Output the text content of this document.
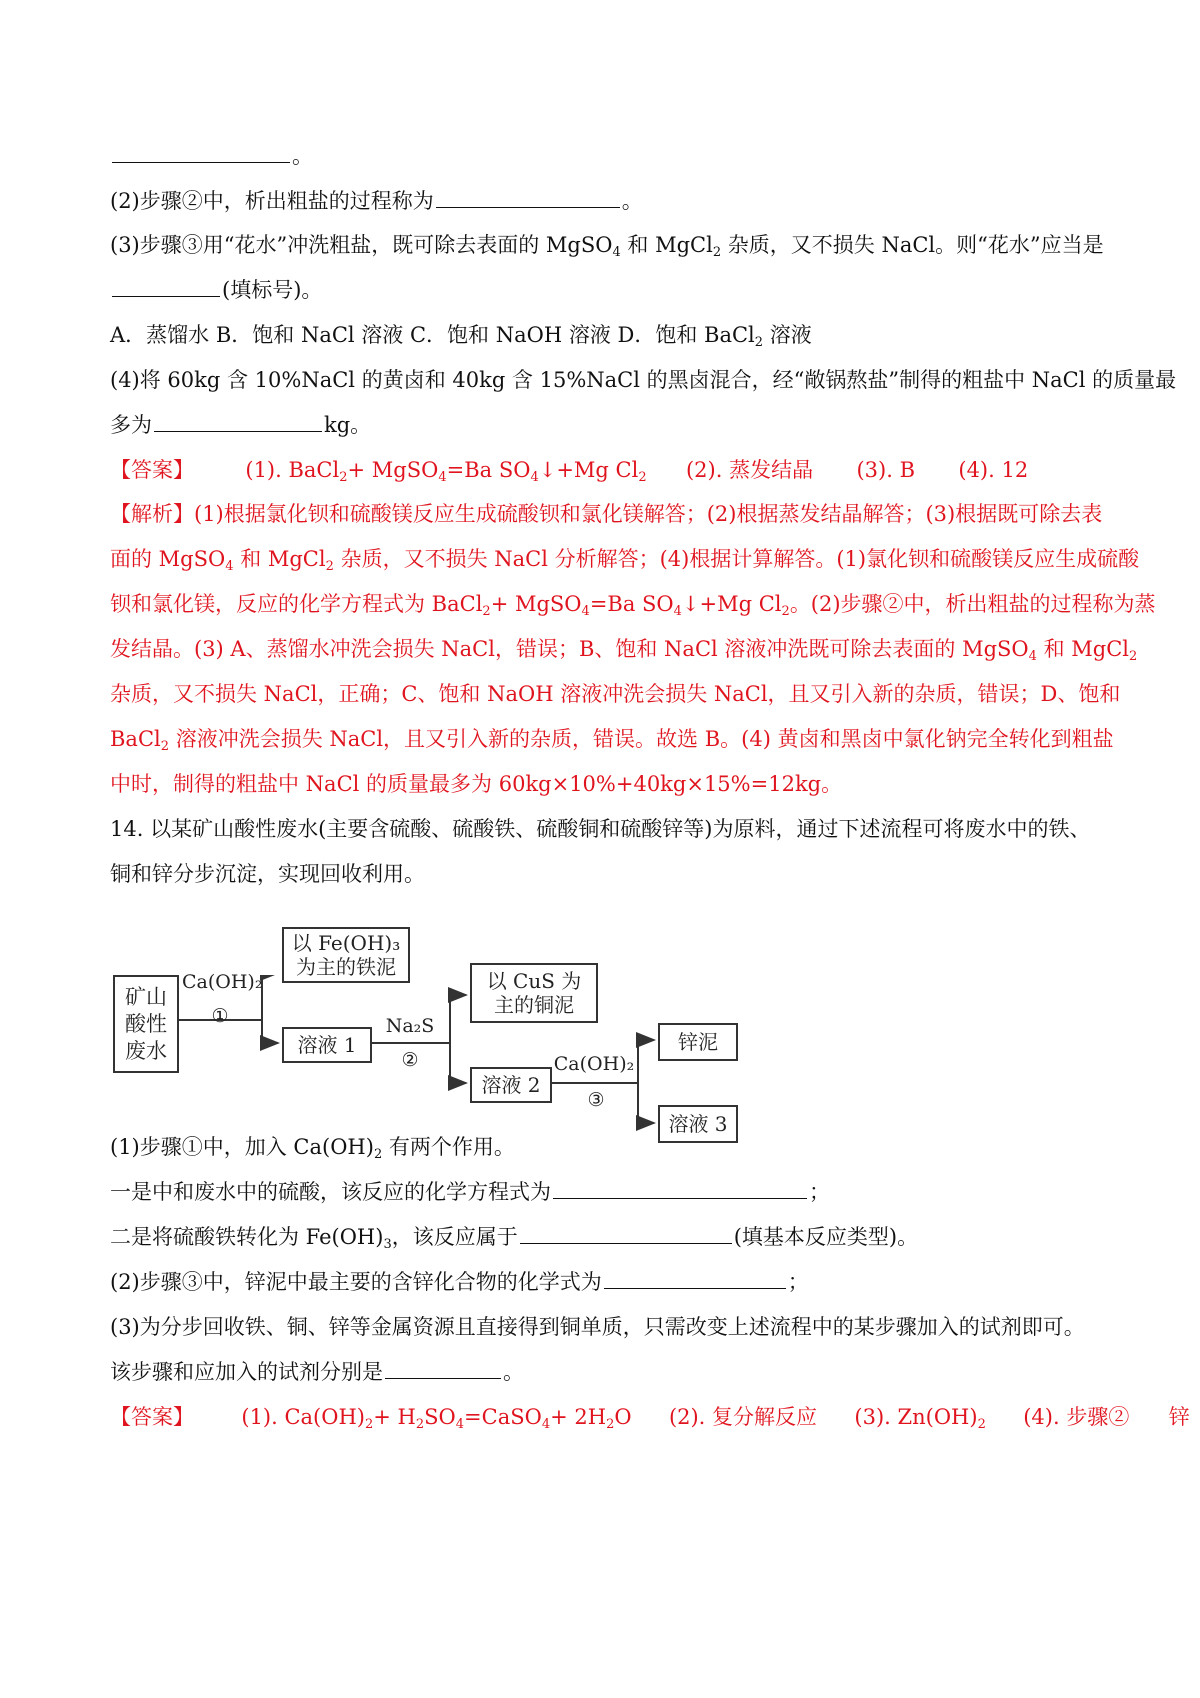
。
(2)步骤②中，析出粗盐的过程称为	。
(3)步骤③用“花水”冲洗粗盐，既可除去表面的 MgSO$_4$ 和 MgCl$_2$ 杂质，又不损失 NaCl。则“花水”应当是
(填标号)。
A．蒸馏水 B．饱和 NaCl 溶液 C．饱和 NaOH 溶液 D．饱和 BaCl$_2$ 溶液
(4)将 60kg 含 10%NaCl 的黄卤和 40kg 含 15%NaCl 的黑卤混合，经“敞锅熬盐”制得的粗盐中 NaCl 的质量最
多为	kg。
【答案】 (1). BaCl$_2$+ MgSO$_4$=Ba $SO_4↓+Mg$ $Cl_2$ (2). 蒸发结晶 (3). B (4). 12
【解析】(1)根据氯化钡和硫酸镁反应生成硫酸钡和氯化镁解答；(2)根据蒸发结晶解答；(3)根据既可除去表
面的 MgSO$_4$ 和 MgCl$_2$ 杂质，又不损失 NaCl 分析解答；(4)根据计算解答。(1)氯化钡和硫酸镁反应生成硫酸
钡和氯化镁，反应的化学方程式为 BaCl$_2$+ MgSO$_4$=Ba $SO_4↓+Mg$ $Cl_2$。(2)步骤②中，析出粗盐的过程称为蒸
发结晶。(3) A、蒸馏水冲洗会损失 NaCl，错误；B、饱和 NaCl 溶液冲洗既可除去表面的 MgSO$_4$ 和 MgCl$_2$
杂质，又不损失 NaCl，正确；C、饱和 NaOH 溶液冲洗会损失 NaCl，且又引入新的杂质，错误；D、饱和
BaCl$_2$ 溶液冲洗会损失 NaCl，且又引入新的杂质，错误。故选 B。(4) 黄卤和黑卤中氯化钠完全转化到粗盐
中时，制得的粗盐中 NaCl 的质量最多为 60kg×10%+40kg×15%=12kg。
14. 以某矿山酸性废水(主要含硫酸、硫酸铁、硫酸铜和硫酸锌等)为原料，通过下述流程可将废水中的铁、
铜和锌分步沉淀，实现回收利用。
矿山酸性废水
Ca(OH)₂
①
以 Fe(OH)₃ 为主的铁泥
溶液 1
Na₂S
②
以 CuS 为主的铜泥
溶液 2
Ca(OH)₂
③
锌泥
溶液 3
(1)步骤①中，加入 $Ca(OH)_2$ 有两个作用。
一是中和废水中的硫酸，该反应的化学方程式为	；
二是将硫酸铁转化为 $Fe(OH)_3$，该反应属于	(填基本反应类型)。
(2)步骤③中，锌泥中最主要的含锌化合物的化学式为	；
(3)为分步回收铁、铜、锌等金属资源且直接得到铜单质，只需改变上述流程中的某步骤加入的试剂即可。
该步骤和应加入的试剂分别是	。
【答案】 (1). $Ca(OH)_2+$ $H_2SO_4=CaSO_4+ 2H_2O$ (2). 复分解反应 (3). $Zn(OH)_2$ (4). 步骤② 锌
